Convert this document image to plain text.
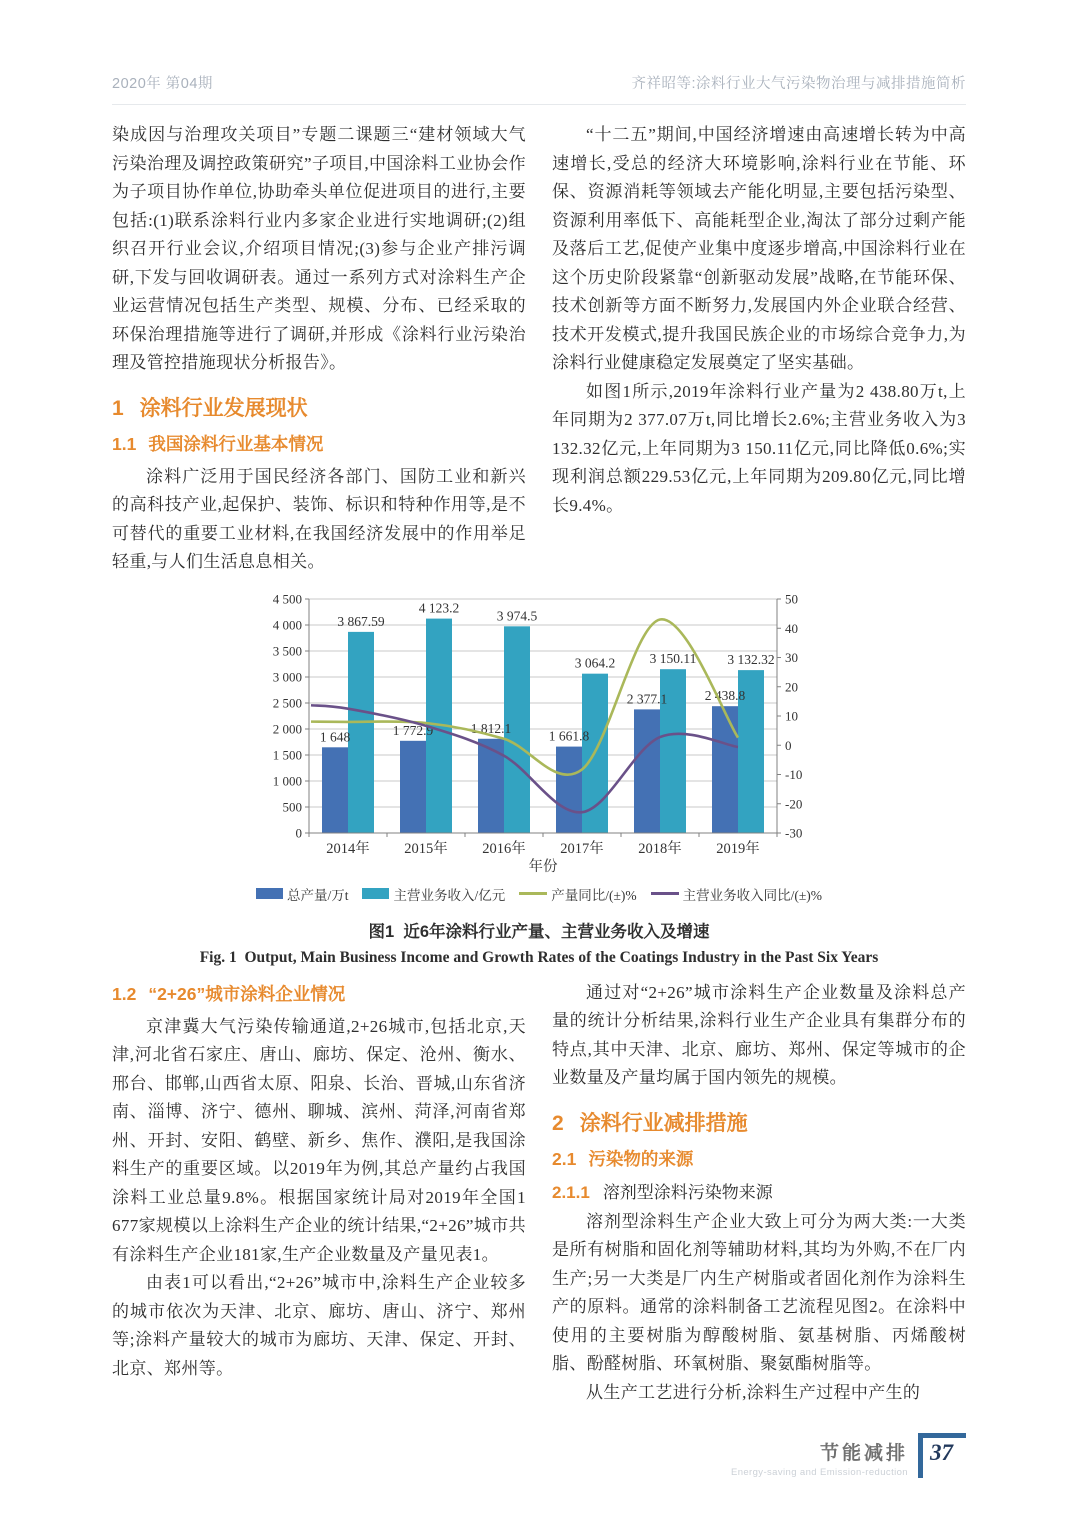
2020年 第04期	齐祥昭等:涂料行业大气污染物治理与减排措施简析

染成因与治理攻关项目”专题二课题三“建材领域大气污染治理及调控政策研究”子项目,中国涂料工业协会作为子项目协作单位,协助牵头单位促进项目的进行,主要包括:(1)联系涂料行业内多家企业进行实地调研;(2)组织召开行业会议,介绍项目情况;(3)参与企业产排污调研,下发与回收调研表。通过一系列方式对涂料生产企业运营情况包括生产类型、规模、分布、已经采取的环保治理措施等进行了调研,并形成《涂料行业污染治理及管控措施现状分析报告》。

1 涂料行业发展现状
1.1 我国涂料行业基本情况

涂料广泛用于国民经济各部门、国防工业和新兴的高科技产业,起保护、装饰、标识和特种作用等,是不可替代的重要工业材料,在我国经济发展中的作用举足轻重,与人们生活息息相关。

“十二五”期间,中国经济增速由高速增长转为中高速增长,受总的经济大环境影响,涂料行业在节能、环保、资源消耗等领域去产能化明显,主要包括污染型、资源利用率低下、高能耗型企业,淘汰了部分过剩产能及落后工艺,促使产业集中度逐步增高,中国涂料行业在这个历史阶段紧靠“创新驱动发展”战略,在节能环保、技术创新等方面不断努力,发展国内外企业联合经营、技术开发模式,提升我国民族企业的市场综合竞争力,为涂料行业健康稳定发展奠定了坚实基础。

如图1所示,2019年涂料行业产量为2 438.80万t,上年同期为2 377.07万t,同比增长2.6%;主营业务收入为3 132.32亿元,上年同期为3 150.11亿元,同比降低0.6%;实现利润总额229.53亿元,上年同期为209.80亿元,同比增长9.4%。

1 648	1 772.9	1 812.1
1 661.8
2 377.1	2 438.8
3 867.59
4 123.2
3 974.5
3 064.2	3 150.11 3 132.32
0
500
1 000
1 500
2 000
2 500
3 000
3 500
4 000
4 500
-30
-20
-10
0
10
20
30
40
50
2014年 2015年 2016年 2017年 2018年 2019年
年份
总产量/万t	主营业务收入/亿元	产量同比/(±)%	主营业务收入同比/(±)%
图1  近6年涂料行业产量、主营业务收入及增速
Fig. 1  Output, Main Business Income and Growth Rates of the Coatings Industry in the Past Six Years
1.2 “2+26”城市涂料企业情况

京津冀大气污染传输通道,2+26城市,包括北京,天津,河北省石家庄、唐山、廊坊、保定、沧州、衡水、邢台、邯郸,山西省太原、阳泉、长治、晋城,山东省济南、淄博、济宁、德州、聊城、滨州、菏泽,河南省郑州、开封、安阳、鹤壁、新乡、焦作、濮阳,是我国涂料生产的重要区域。以2019年为例,其总产量约占我国涂料工业总量9.8%。根据国家统计局对2019年全国1 677家规模以上涂料生产企业的统计结果,“2+26”城市共有涂料生产企业181家,生产企业数量及产量见表1。

由表1可以看出,“2+26”城市中,涂料生产企业较多的城市依次为天津、北京、廊坊、唐山、济宁、郑州等;涂料产量较大的城市为廊坊、天津、保定、开封、北京、郑州等。

通过对“2+26”城市涂料生产企业数量及涂料总产量的统计分析结果,涂料行业生产企业具有集群分布的特点,其中天津、北京、廊坊、郑州、保定等城市的企业数量及产量均属于国内领先的规模。

2 涂料行业减排措施
2.1 污染物的来源
2.1.1 溶剂型涂料污染物来源

溶剂型涂料生产企业大致上可分为两大类:一大类是所有树脂和固化剂等辅助材料,其均为外购,不在厂内生产;另一大类是厂内生产树脂或者固化剂作为涂料生产的原料。通常的涂料制备工艺流程见图2。在涂料中使用的主要树脂为醇酸树脂、氨基树脂、丙烯酸树脂、酚醛树脂、环氧树脂、聚氨酯树脂等。

从生产工艺进行分析,涂料生产过程中产生的

节能减排
Energy-saving and Emission-reduction
37
